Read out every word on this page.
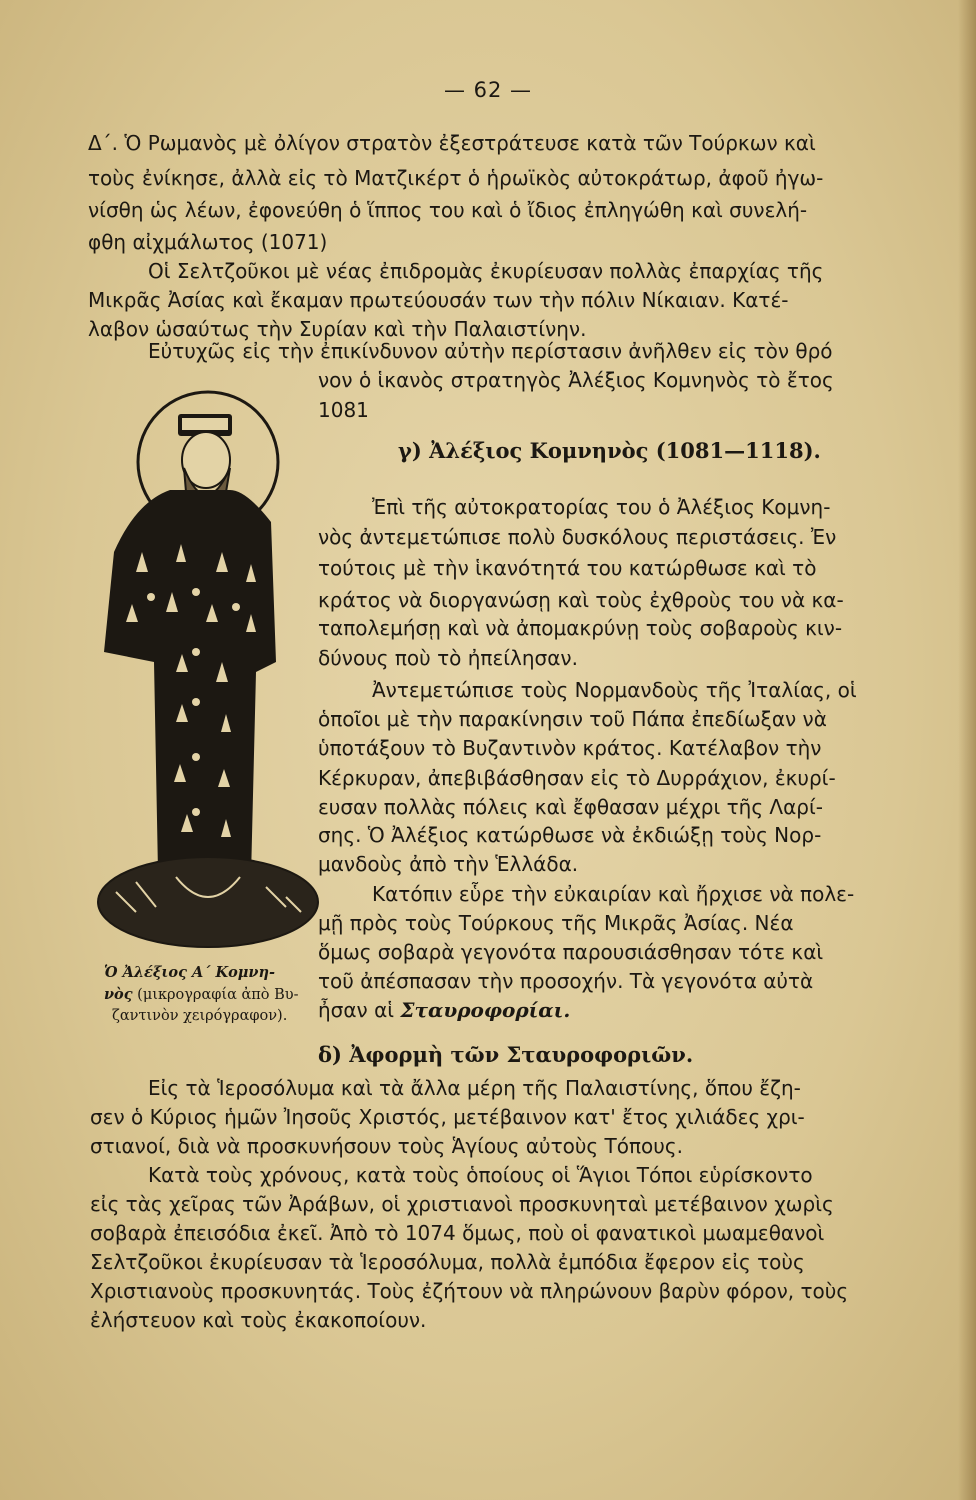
— 62 —
Δ΄. Ὁ Ρωμανὸς μὲ ὀλίγον στρατὸν ἐξεστράτευσε κατὰ τῶν Τούρκων καὶ
τοὺς ἐνίκησε, ἀλλὰ εἰς τὸ Ματζικέρτ ὁ ἡρωϊκὸς αὐτοκράτωρ, ἀφοῦ ἠγω-
νίσθη ὡς λέων, ἐφονεύθη ὁ ἵππος του καὶ ὁ ἴδιος ἐπληγώθη καὶ συνελή-
φθη αἰχμάλωτος (1071)
Οἱ Σελτζοῦκοι μὲ νέας ἐπιδρομὰς ἐκυρίευσαν πολλὰς ἐπαρχίας τῆς
Μικρᾶς Ἀσίας καὶ ἔκαμαν πρωτεύουσάν των τὴν πόλιν Νίκαιαν. Κατέ-
λαβον ὡσαύτως τὴν Συρίαν καὶ τὴν Παλαιστίνην.
Εὐτυχῶς εἰς τὴν ἐπικίνδυνον αὐτὴν περίστασιν ἀνῆλθεν εἰς τὸν θρό
νον ὁ ἱκανὸς στρατηγὸς Ἀλέξιος Κομνηνὸς τὸ ἔτος
1081
γ) Ἀλέξιος Κομνηνὸς (1081—1118).
Ἐπὶ τῆς αὐτοκρατορίας του ὁ Ἀλέξιος Κομνη-
νὸς ἀντεμετώπισε πολὺ δυσκόλους περιστάσεις. Ἐν
τούτοις μὲ τὴν ἱκανότητά του κατώρθωσε καὶ τὸ
κράτος νὰ διοργανώσῃ καὶ τοὺς ἐχθροὺς του νὰ κα-
ταπολεμήσῃ καὶ νὰ ἀπομακρύνῃ τοὺς σοβαροὺς κιν-
δύνους ποὺ τὸ ἠπείλησαν.
Ἀντεμετώπισε τοὺς Νορμανδοὺς τῆς Ἰταλίας, οἱ
ὁποῖοι μὲ τὴν παρακίνησιν τοῦ Πάπα ἐπεδίωξαν νὰ
ὑποτάξουν τὸ Βυζαντινὸν κράτος. Κατέλαβον τὴν
Κέρκυραν, ἀπεβιβάσθησαν εἰς τὸ Δυρράχιον, ἐκυρί-
ευσαν πολλὰς πόλεις καὶ ἔφθασαν μέχρι τῆς Λαρί-
σης. Ὁ Ἀλέξιος κατώρθωσε νὰ ἐκδιώξῃ τοὺς Νορ-
μανδοὺς ἀπὸ τὴν Ἑλλάδα.
Κατόπιν εὗρε τὴν εὐκαιρίαν καὶ ἤρχισε νὰ πολε-
μῇ πρὸς τοὺς Τούρκους τῆς Μικρᾶς Ἀσίας. Νέα
ὅμως σοβαρὰ γεγονότα παρουσιάσθησαν τότε καὶ
τοῦ ἀπέσπασαν τὴν προσοχήν. Τὰ γεγονότα αὐτὰ
ἦσαν αἱ Σταυροφορίαι.
Ὁ Ἀλέξιος Α΄ Κομνη-
νὸς (μικρογραφία ἀπὸ Βυ-
ζαντινὸν χειρόγραφον).
δ) Ἀφορμὴ τῶν Σταυροφοριῶν.
Εἰς τὰ Ἱεροσόλυμα καὶ τὰ ἄλλα μέρη τῆς Παλαιστίνης, ὅπου ἔζη-
σεν ὁ Κύριος ἡμῶν Ἰησοῦς Χριστός, μετέβαινον κατ' ἔτος χιλιάδες χρι-
στιανοί, διὰ νὰ προσκυνήσουν τοὺς Ἁγίους αὐτοὺς Τόπους.
Κατὰ τοὺς χρόνους, κατὰ τοὺς ὁποίους οἱ Ἅγιοι Τόποι εὑρίσκοντο
εἰς τὰς χεῖρας τῶν Ἀράβων, οἱ χριστιανοὶ προσκυνηταὶ μετέβαινον χωρὶς
σοβαρὰ ἐπεισόδια ἐκεῖ. Ἀπὸ τὸ 1074 ὅμως, ποὺ οἱ φανατικοὶ μωαμεθανοὶ
Σελτζοῦκοι ἐκυρίευσαν τὰ Ἱεροσόλυμα, πολλὰ ἐμπόδια ἔφερον εἰς τοὺς
Χριστιανοὺς προσκυνητάς. Τοὺς ἐζήτουν νὰ πληρώνουν βαρὺν φόρον, τοὺς
ἐλήστευον καὶ τοὺς ἐκακοποίουν.
